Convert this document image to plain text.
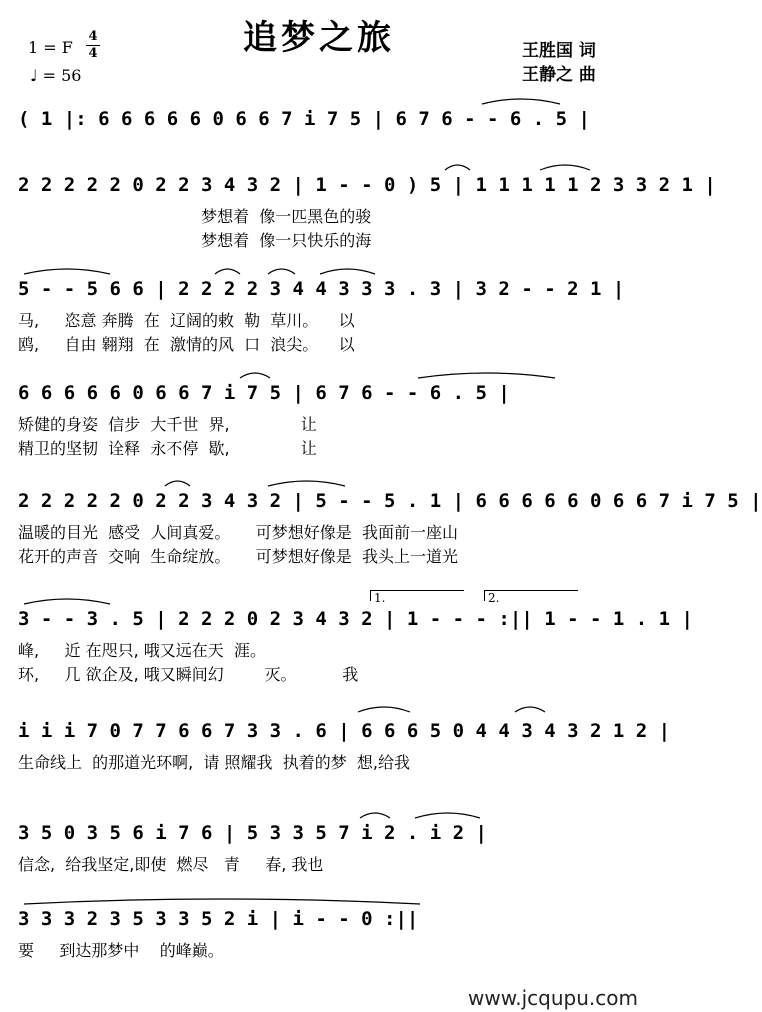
追梦之旅
1 = F
4
4
♩ = 56
王胜国 词
王静之 曲
( 1 |: 6 6 6 6 6 0 6 6 7 i 7 5 | 6 7 6 - - 6 . 5 |
2 2 2 2 2 0 2 2 3 4 3 2 | 1 - - 0 ) 5 | 1 1 1 1 1 2 3 3 2 1 |
梦想着  像一匹黑色的骏
梦想着  像一只快乐的海
5 - - 5 6 6 | 2 2 2 2 3 4 4 3 3 3 . 3 | 3 2 - - 2 1 |
马,     恣意 奔腾  在  辽阔的敕  勒  草川。    以
鸥,     自由 翱翔  在  激情的风  口  浪尖。    以
6 6 6 6 6 0 6 6 7 i 7 5 | 6 7 6 - - 6 . 5 |
矫健的身姿  信步  大千世  界,              让
精卫的坚韧  诠释  永不停  歇,              让
2 2 2 2 2 0 2 2 3 4 3 2 | 5 - - 5 . 1 | 6 6 6 6 6 0 6 6 7 i 7 5 |
温暖的目光  感受  人间真爱。     可梦想好像是  我面前一座山
花开的声音  交响  生命绽放。     可梦想好像是  我头上一道光
3 - - 3 . 5 | 2 2 2 0 2 3 4 3 2 | 1 - - - :|| 1 - - 1 . 1 |
峰,     近 在咫只, 哦又远在天  涯。
环,     几 欲企及, 哦又瞬间幻        灭。         我
i i i 7 0 7 7 6 6 7 3 3 . 6 | 6 6 6 5 0 4 4 3 4 3 2 1 2 |
生命线上  的那道光环啊,  请 照耀我  执着的梦  想,给我
3 5 0 3 5 6 i 7 6 | 5 3 3 5 7 i 2 . i 2 |
信念,  给我坚定,即使  燃尽   青     春, 我也
3 3 3 2 3 5 3 3 5 2 i | i - - 0 :||
要     到达那梦中    的峰巅。
1.	2.
www.jcqupu.com
